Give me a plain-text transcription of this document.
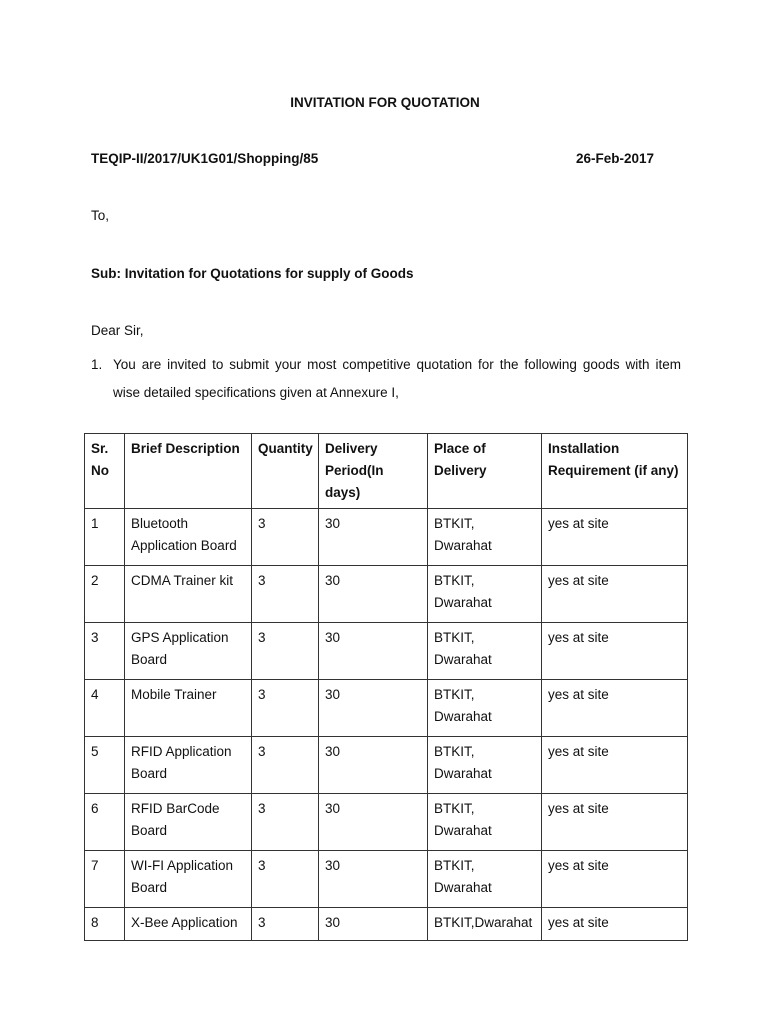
INVITATION FOR QUOTATION
TEQIP-II/2017/UK1G01/Shopping/85	26-Feb-2017
To,
Sub: Invitation for Quotations for supply of Goods
Dear Sir,
1. You are invited to submit your most competitive quotation for the following goods with item wise detailed specifications given at Annexure I,
Sr. No	Brief Description	Quantity	Delivery Period(In days)	Place of Delivery	Installation Requirement (if any)
1	Bluetooth Application Board	3	30	BTKIT, Dwarahat	yes at site
2	CDMA Trainer kit	3	30	BTKIT, Dwarahat	yes at site
3	GPS Application Board	3	30	BTKIT, Dwarahat	yes at site
4	Mobile Trainer	3	30	BTKIT, Dwarahat	yes at site
5	RFID Application Board	3	30	BTKIT, Dwarahat	yes at site
6	RFID BarCode Board	3	30	BTKIT, Dwarahat	yes at site
7	WI-FI Application Board	3	30	BTKIT, Dwarahat	yes at site
8	X-Bee Application	3	30	BTKIT,Dwarahat	yes at site
